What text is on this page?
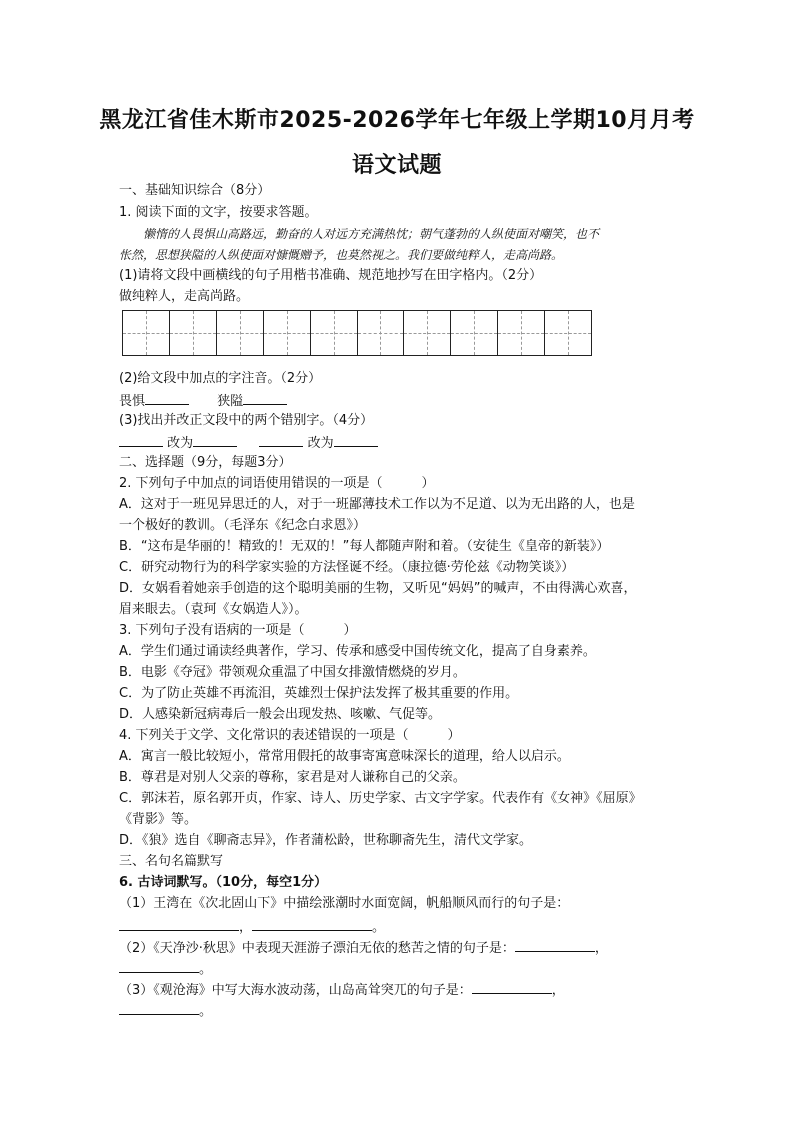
黑龙江省佳木斯市2025-2026学年七年级上学期10月月考
语文试题
一、基础知识综合（8分）
1. 阅读下面的文字，按要求答题。
懒惰的人畏惧山高路远，勤奋的人对远方充满热忱；朝气蓬勃的人纵使面对嘲笑，也不
怅然，思想狭隘的人纵使面对慷慨赠予，也莫然视之。我们要做纯粹人，走高尚路。
(1)请将文段中画横线的句子用楷书准确、规范地抄写在田字格内。（2分）
做纯粹人，走高尚路。
(2)给文段中加点的字注音。（2分）
畏惧	狭隘
(3)找出并改正文段中的两个错别字。（4分）
改为	改为
二、选择题（9分，每题3分）
2. 下列句子中加点的词语使用错误的一项是（　　　）
A．这对于一班见异思迁的人，对于一班鄙薄技术工作以为不足道、以为无出路的人，也是
一个极好的教训。（毛泽东《纪念白求恩》）
B．“这布是华丽的！精致的！无双的！”每人都随声附和着。（安徒生《皇帝的新装》）
C．研究动物行为的科学家实验的方法怪诞不经。（康拉德·劳伦兹《动物笑谈》）
D．女娲看着她亲手创造的这个聪明美丽的生物，又听见“妈妈”的喊声，不由得满心欢喜，
眉来眼去。（袁珂《女娲造人》）。
3. 下列句子没有语病的一项是（　　　）
A．学生们通过诵读经典著作，学习、传承和感受中国传统文化，提高了自身素养。
B．电影《夺冠》带领观众重温了中国女排激情燃烧的岁月。
C．为了防止英雄不再流泪，英雄烈士保护法发挥了极其重要的作用。
D．人感染新冠病毒后一般会出现发热、咳嗽、气促等。
4. 下列关于文学、文化常识的表述错误的一项是（　　　）
A．寓言一般比较短小，常常用假托的故事寄寓意味深长的道理，给人以启示。
B．尊君是对别人父亲的尊称，家君是对人谦称自己的父亲。
C．郭沫若，原名郭开贞，作家、诗人、历史学家、古文字学家。代表作有《女神》《屈原》
《背影》等。
D．《狼》选自《聊斋志异》，作者蒲松龄，世称聊斋先生，清代文学家。
三、名句名篇默写
6. 古诗词默写。（10分，每空1分）
（1）王湾在《次北固山下》中描绘涨潮时水面宽阔，帆船顺风而行的句子是：
，	。
（2）《天净沙·秋思》中表现天涯游子漂泊无依的愁苦之情的句子是：	，
。
（3）《观沧海》中写大海水波动荡，山岛高耸突兀的句子是：	，
。
